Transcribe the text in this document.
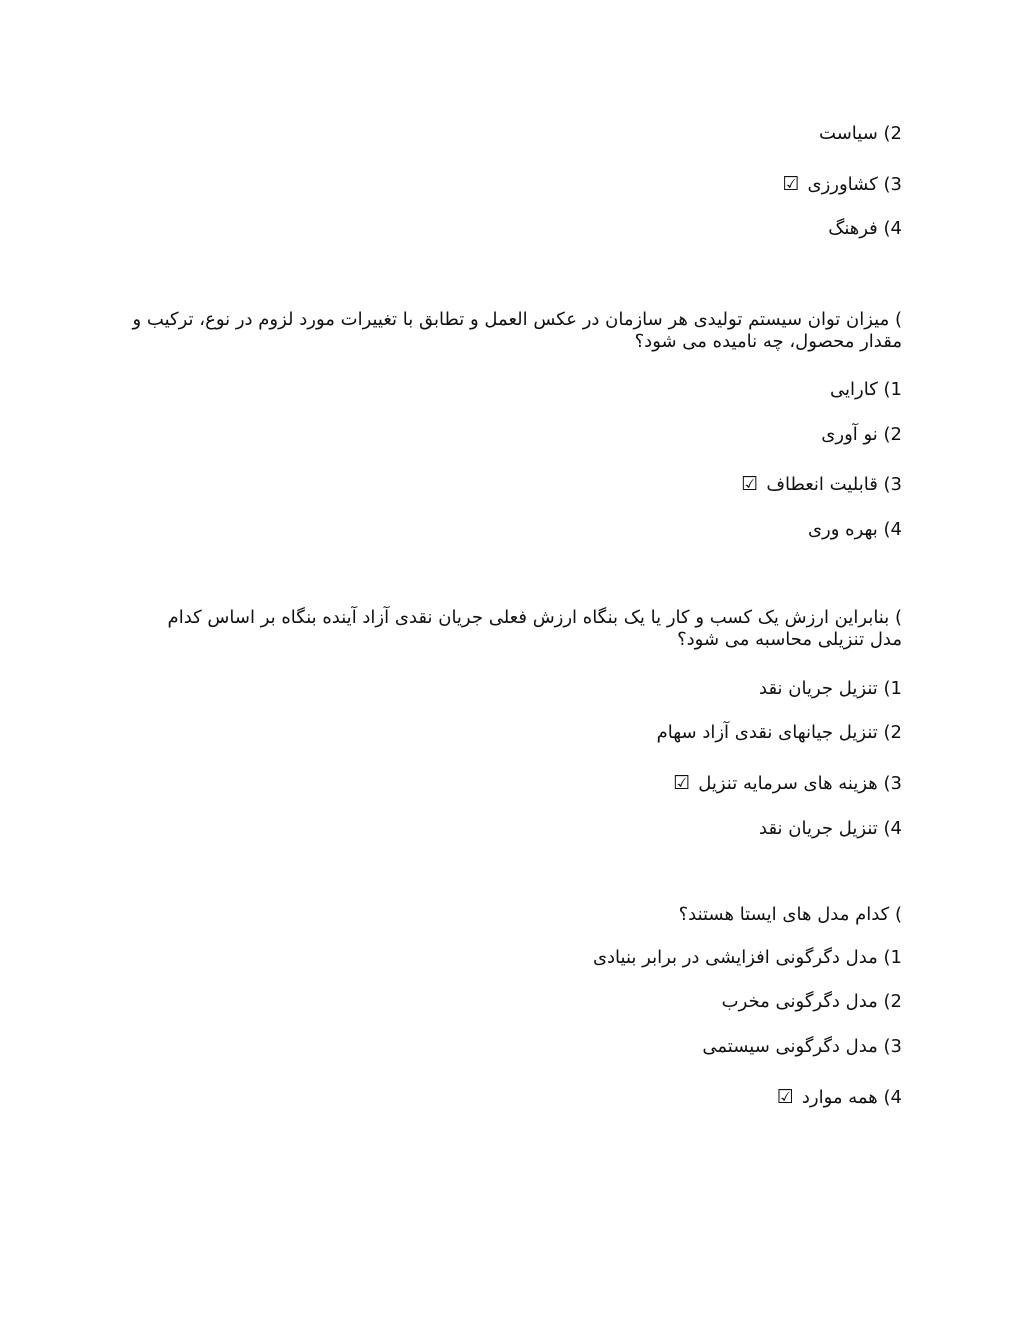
2) سیاست
3) کشاورزی☑
4) فرهنگ
) میزان توان سیستم تولیدی هر سازمان در عکس العمل و تطابق با تغییرات مورد لزوم در نوع، ترکیب و مقدار محصول، چه نامیده می شود؟
1) کارایی
2) نو آوری
3) قابلیت انعطاف☑
4) بهره وری
) بنابراین ارزش یک کسب و کار یا یک بنگاه ارزش فعلی جریان نقدی آزاد آینده بنگاه بر اساس کدام مدل تنزیلی محاسبه می شود؟
1) تنزیل جریان نقد
2) تنزیل جیانهای نقدی آزاد سهام
3) هزینه های سرمایه تنزیل☑
4) تنزیل جریان نقد
) کدام مدل های ایستا هستند؟
1) مدل دگرگونی افزایشی در برابر بنیادی
2) مدل دگرگونی مخرب
3) مدل دگرگونی سیستمی
4) همه موارد☑
